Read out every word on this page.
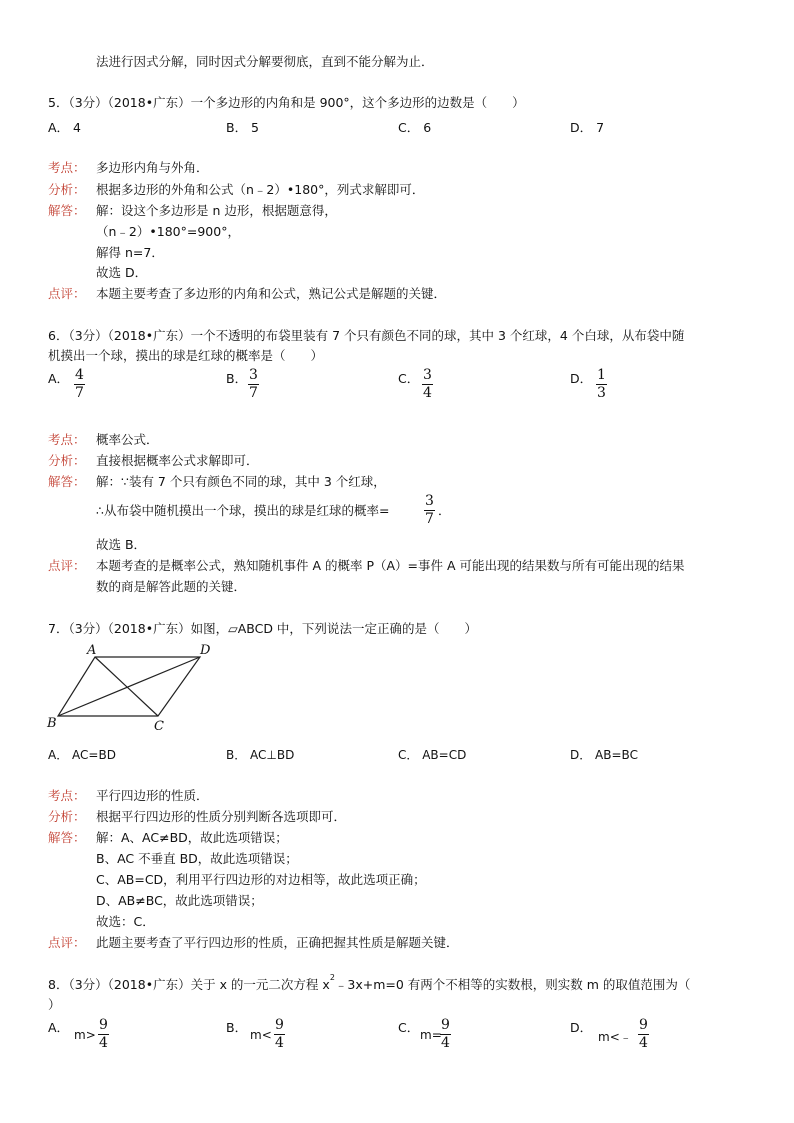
法进行因式分解，同时因式分解要彻底，直到不能分解为止．
5．（3分）（2018•广东）一个多边形的内角和是 900°，这个多边形的边数是（　　）
A． 4	B． 5	C． 6	D． 7
考点： 多边形内角与外角．
分析： 根据多边形的外角和公式（n﹣2）•180°，列式求解即可．
解答： 解：设这个多边形是 n 边形，根据题意得，
（n﹣2）•180°=900°，
解得 n=7．
故选 D．
点评： 本题主要考查了多边形的内角和公式，熟记公式是解题的关键．
6．（3分）（2018•广东）一个不透明的布袋里装有 7 个只有颜色不同的球，其中 3 个红球，4 个白球，从布袋中随
机摸出一个球，摸出的球是红球的概率是（　　）
A． $\frac{4}{7}$	B． $\frac{3}{7}$	C． $\frac{3}{4}$	D． $\frac{1}{3}$
考点： 概率公式．
分析： 直接根据概率公式求解即可．
解答： 解：∵装有 7 个只有颜色不同的球，其中 3 个红球，
∴从布袋中随机摸出一个球，摸出的球是红球的概率= $\frac{3}{7}$ ．
故选 B．
点评： 本题考查的是概率公式，熟知随机事件 A 的概率 P（A）=事件 A 可能出现的结果数与所有可能出现的结果
数的商是解答此题的关键．
7．（3分）（2018•广东）如图，▱ABCD 中，下列说法一定正确的是（　　）
A	D
B	C
A． AC=BD	B． AC⊥BD	C． AB=CD	D． AB=BC
考点： 平行四边形的性质．
分析： 根据平行四边形的性质分别判断各选项即可．
解答： 解：A、AC≠BD，故此选项错误；
B、AC 不垂直 BD，故此选项错误；
C、AB=CD，利用平行四边形的对边相等，故此选项正确；
D、AB≠BC，故此选项错误；
故选：C．
点评： 此题主要考查了平行四边形的性质，正确把握其性质是解题关键．
8．（3分）（2018•广东）关于 x 的一元二次方程 $x^2﹣3x+m=0$ 有两个不相等的实数根，则实数 m 的取值范围为（
）
A． $m> \frac{9}{4}$	B． $m< \frac{9}{4}$	C． m=
$\frac{9}{4}$	D．
m<﹣ $\frac{9}{4}$
